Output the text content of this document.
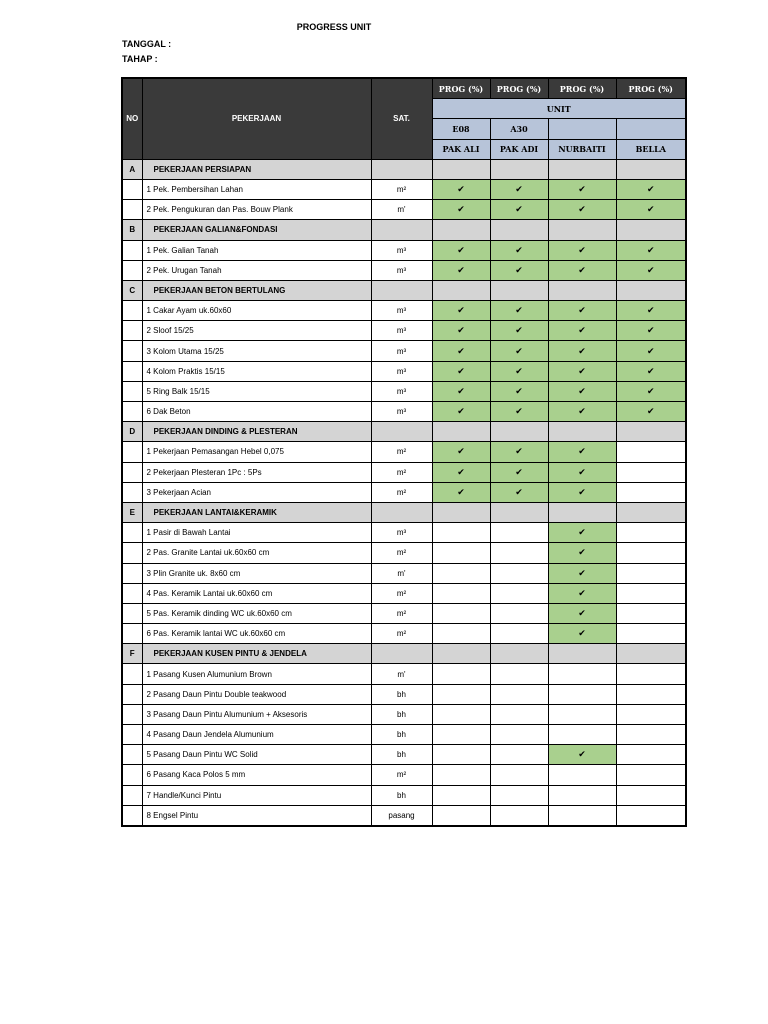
PROGRESS UNIT
TANGGAL :
TAHAP :
NO	PEKERJAAN	SAT.	PROG (%)	PROG (%)	PROG (%)	PROG (%)
			UNIT			
			E08	A30		
			PAK ALI	PAK ADI	NURBAITI	BELLA
A	PEKERJAAN PERSIAPAN					
	1 Pek. Pembersihan Lahan	m²	✔	✔	✔	✔
	2 Pek. Pengukuran dan Pas. Bouw Plank	m'	✔	✔	✔	✔
B	PEKERJAAN GALIAN&FONDASI					
	1 Pek. Galian Tanah	m³	✔	✔	✔	✔
	2 Pek. Urugan Tanah	m³	✔	✔	✔	✔
C	PEKERJAAN BETON BERTULANG					
	1 Cakar Ayam uk.60x60	m³	✔	✔	✔	✔
	2 Sloof 15/25	m³	✔	✔	✔	✔
	3 Kolom Utama 15/25	m³	✔	✔	✔	✔
	4 Kolom Praktis 15/15	m³	✔	✔	✔	✔
	5 Ring Balk 15/15	m³	✔	✔	✔	✔
	6 Dak Beton	m³	✔	✔	✔	✔
D	PEKERJAAN DINDING & PLESTERAN					
	1 Pekerjaan Pemasangan Hebel 0,075	m²	✔	✔	✔	
	2 Pekerjaan Plesteran 1Pc : 5Ps	m²	✔	✔	✔	
	3 Pekerjaan Acian	m²	✔	✔	✔	
E	PEKERJAAN LANTAI&KERAMIK					
	1 Pasir di Bawah Lantai	m³			✔	
	2 Pas. Granite Lantai uk.60x60 cm	m²			✔	
	3 Plin Granite uk. 8x60 cm	m'			✔	
	4 Pas. Keramik Lantai uk.60x60 cm	m²			✔	
	5 Pas. Keramik dinding WC uk.60x60 cm	m²			✔	
	6 Pas. Keramik lantai WC uk.60x60 cm	m²			✔	
F	PEKERJAAN KUSEN PINTU & JENDELA					
	1 Pasang Kusen Alumunium Brown	m'				
	2 Pasang Daun Pintu Double teakwood	bh				
	3 Pasang Daun Pintu Alumunium + Aksesoris	bh				
	4 Pasang Daun Jendela Alumunium	bh				
	5 Pasang Daun Pintu WC Solid	bh			✔	
	6 Pasang Kaca Polos 5 mm	m²				
	7 Handle/Kunci Pintu	bh				
	8 Engsel Pintu	pasang				
